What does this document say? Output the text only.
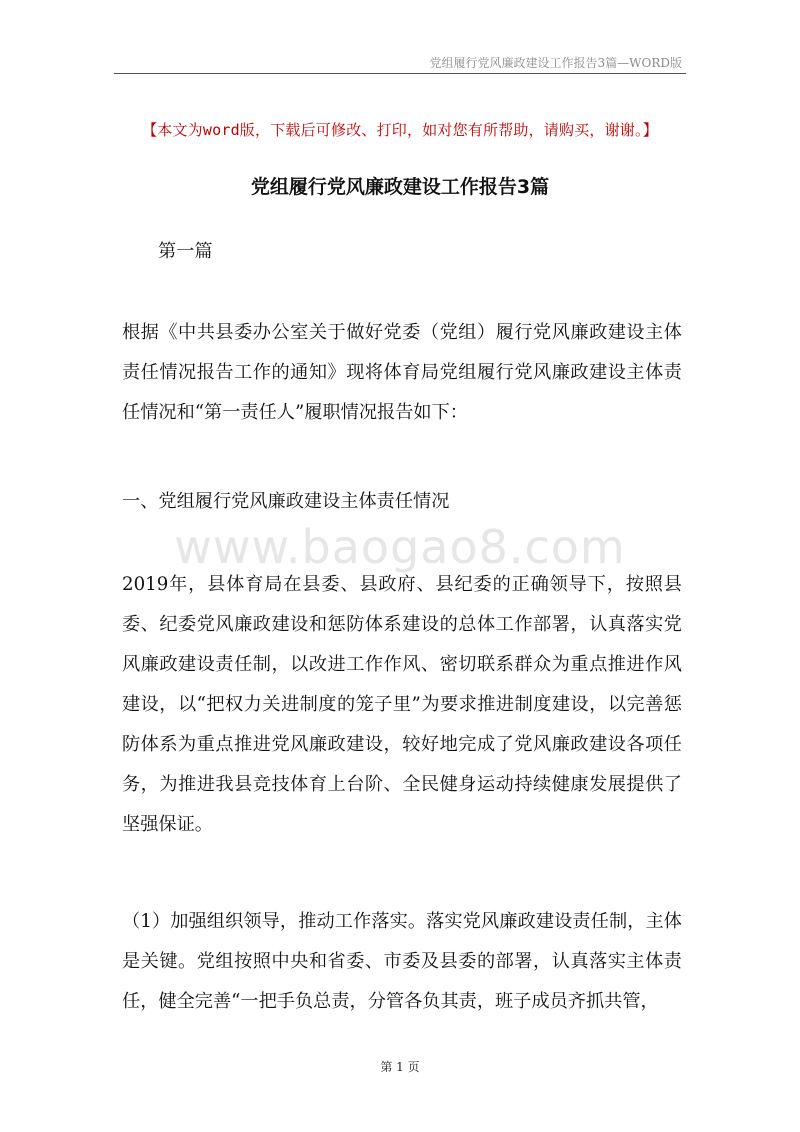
党组履行党风廉政建设工作报告3篇—WORD版
【本文为word版，下载后可修改、打印，如对您有所帮助，请购买，谢谢。】
党组履行党风廉政建设工作报告3篇
第一篇

根据《中共县委办公室关于做好党委（党组）履行党风廉政建设主体责任情况报告工作的通知》现将体育局党组履行党风廉政建设主体责任情况和“第一责任人”履职情况报告如下：

一、党组履行党风廉政建设主体责任情况

www.baogao8.com

2019年，县体育局在县委、县政府、县纪委的正确领导下，按照县委、纪委党风廉政建设和惩防体系建设的总体工作部署，认真落实党风廉政建设责任制，以改进工作作风、密切联系群众为重点推进作风建设，以“把权力关进制度的笼子里”为要求推进制度建设，以完善惩防体系为重点推进党风廉政建设，较好地完成了党风廉政建设各项任务，为推进我县竞技体育上台阶、全民健身运动持续健康发展提供了坚强保证。

（1）加强组织领导，推动工作落实。落实党风廉政建设责任制，主体是关键。党组按照中央和省委、市委及县委的部署，认真落实主体责任，健全完善“一把手负总责，分管各负其责，班子成员齐抓共管，

第 1 页
